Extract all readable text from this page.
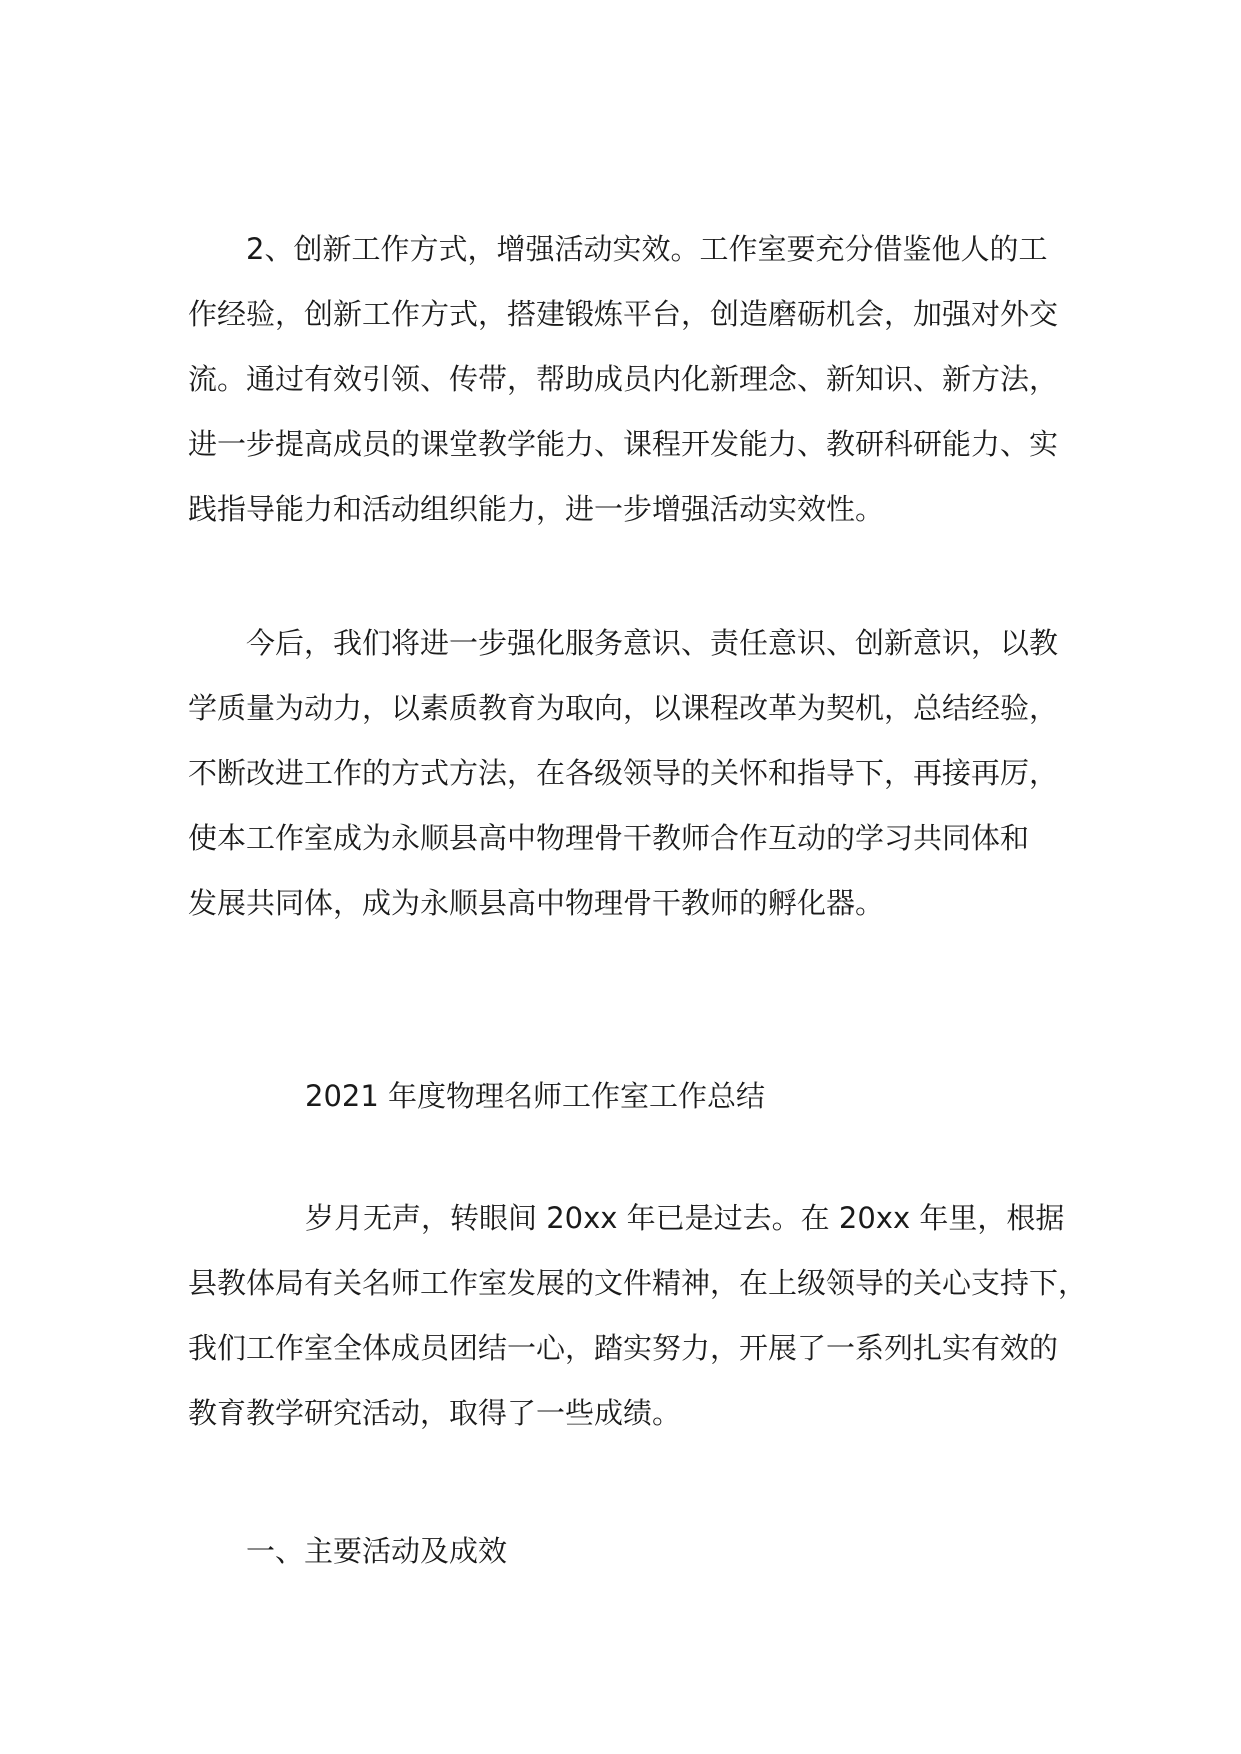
2、创新工作方式，增强活动实效。工作室要充分借鉴他人的工
作经验，创新工作方式，搭建锻炼平台，创造磨砺机会，加强对外交
流。通过有效引领、传带，帮助成员内化新理念、新知识、新方法，
进一步提高成员的课堂教学能力、课程开发能力、教研科研能力、实
践指导能力和活动组织能力，进一步增强活动实效性。
今后，我们将进一步强化服务意识、责任意识、创新意识，以教
学质量为动力，以素质教育为取向，以课程改革为契机，总结经验，
不断改进工作的方式方法，在各级领导的关怀和指导下，再接再厉，
使本工作室成为永顺县高中物理骨干教师合作互动的学习共同体和
发展共同体，成为永顺县高中物理骨干教师的孵化器。
2021 年度物理名师工作室工作总结
岁月无声，转眼间 20xx 年已是过去。在 20xx 年里，根据
县教体局有关名师工作室发展的文件精神，在上级领导的关心支持下，
我们工作室全体成员团结一心，踏实努力，开展了一系列扎实有效的
教育教学研究活动，取得了一些成绩。
一、主要活动及成效
